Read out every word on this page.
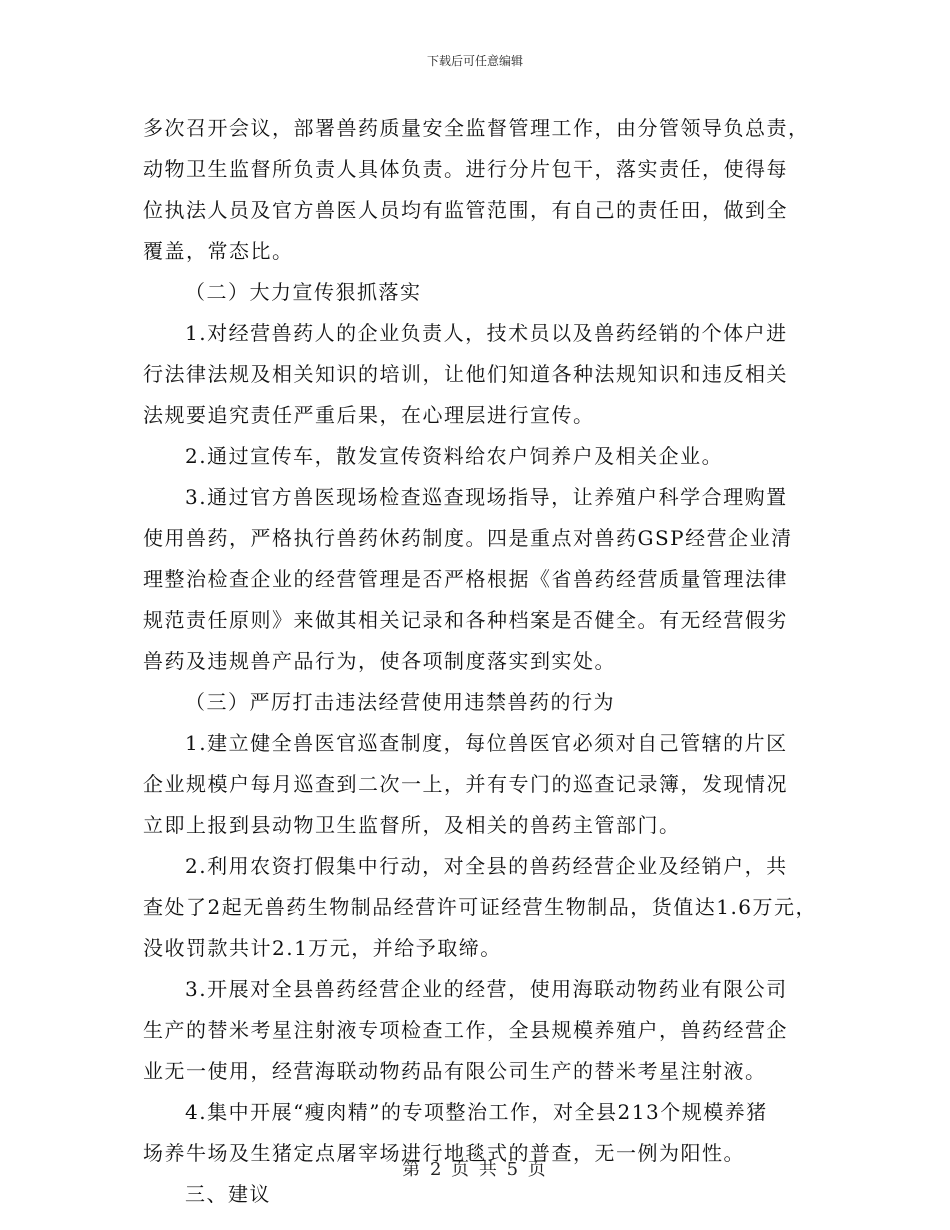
下载后可任意编辑
多次召开会议，部署兽药质量安全监督管理工作，由分管领导负总责，
动物卫生监督所负责人具体负责。进行分片包干，落实责任，使得每
位执法人员及官方兽医人员均有监管范围，有自己的责任田，做到全
覆盖，常态比。
（二）大力宣传狠抓落实
1.对经营兽药人的企业负责人，技术员以及兽药经销的个体户进
行法律法规及相关知识的培训，让他们知道各种法规知识和违反相关
法规要追究责任严重后果，在心理层进行宣传。
2.通过宣传车，散发宣传资料给农户饲养户及相关企业。
3.通过官方兽医现场检查巡查现场指导，让养殖户科学合理购置
使用兽药，严格执行兽药休药制度。四是重点对兽药GSP经营企业清
理整治检查企业的经营管理是否严格根据《省兽药经营质量管理法律
规范责任原则》来做其相关记录和各种档案是否健全。有无经营假劣
兽药及违规兽产品行为，使各项制度落实到实处。
（三）严厉打击违法经营使用违禁兽药的行为
1.建立健全兽医官巡查制度，每位兽医官必须对自己管辖的片区
企业规模户每月巡查到二次一上，并有专门的巡查记录簿，发现情况
立即上报到县动物卫生监督所，及相关的兽药主管部门。
2.利用农资打假集中行动，对全县的兽药经营企业及经销户，共
查处了2起无兽药生物制品经营许可证经营生物制品，货值达1.6万元，
没收罚款共计2.1万元，并给予取缔。
3.开展对全县兽药经营企业的经营，使用海联动物药业有限公司
生产的替米考星注射液专项检查工作，全县规模养殖户，兽药经营企
业无一使用，经营海联动物药品有限公司生产的替米考星注射液。
4.集中开展“瘦肉精”的专项整治工作，对全县213个规模养猪
场养牛场及生猪定点屠宰场进行地毯式的普查，无一例为阳性。
三、建议
第 2 页 共 5 页
